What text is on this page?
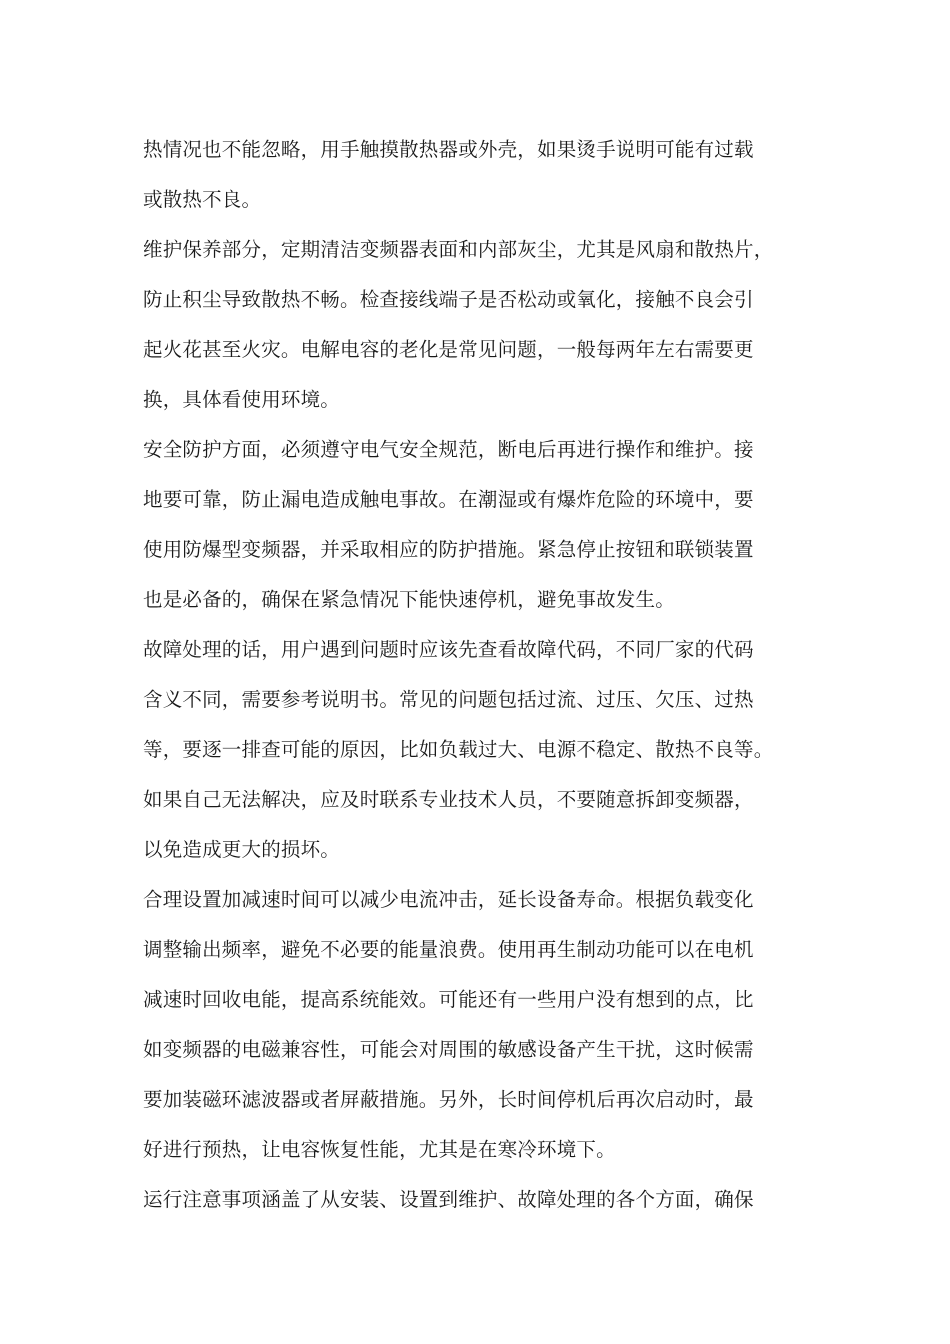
热情况也不能忽略，用手触摸散热器或外壳，如果烫手说明可能有过载
或散热不良。
维护保养部分，定期清洁变频器表面和内部灰尘，尤其是风扇和散热片，
防止积尘导致散热不畅。检查接线端子是否松动或氧化，接触不良会引
起火花甚至火灾。电解电容的老化是常见问题，一般每两年左右需要更
换，具体看使用环境。
安全防护方面，必须遵守电气安全规范，断电后再进行操作和维护。接
地要可靠，防止漏电造成触电事故。在潮湿或有爆炸危险的环境中，要
使用防爆型变频器，并采取相应的防护措施。紧急停止按钮和联锁装置
也是必备的，确保在紧急情况下能快速停机，避免事故发生。
故障处理的话，用户遇到问题时应该先查看故障代码，不同厂家的代码
含义不同，需要参考说明书。常见的问题包括过流、过压、欠压、过热
等，要逐一排查可能的原因，比如负载过大、电源不稳定、散热不良等。
如果自己无法解决，应及时联系专业技术人员，不要随意拆卸变频器，
以免造成更大的损坏。
合理设置加减速时间可以减少电流冲击，延长设备寿命。根据负载变化
调整输出频率，避免不必要的能量浪费。使用再生制动功能可以在电机
减速时回收电能，提高系统能效。可能还有一些用户没有想到的点，比
如变频器的电磁兼容性，可能会对周围的敏感设备产生干扰，这时候需
要加装磁环滤波器或者屏蔽措施。另外，长时间停机后再次启动时，最
好进行预热，让电容恢复性能，尤其是在寒冷环境下。
运行注意事项涵盖了从安装、设置到维护、故障处理的各个方面，确保
